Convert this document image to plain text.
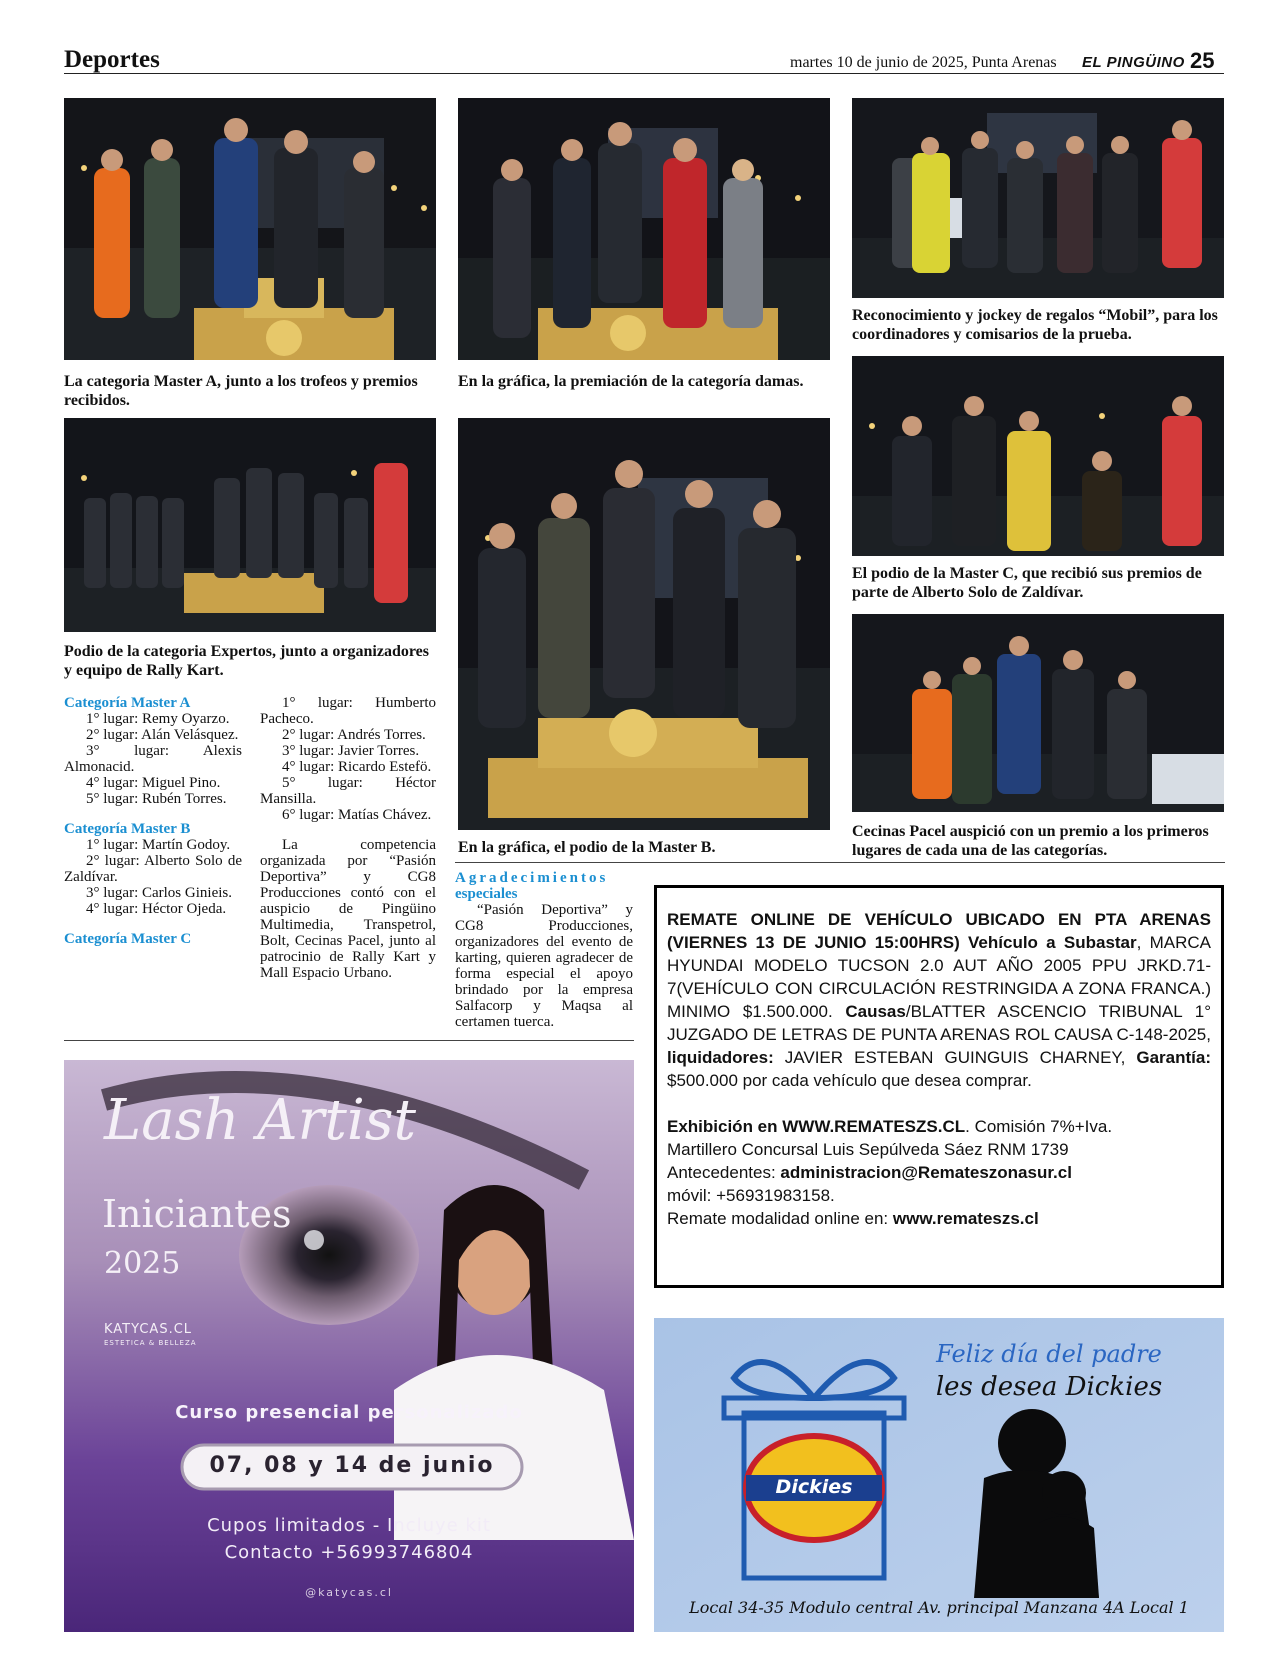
Deportes	martes 10 de junio de 2025, Punta Arenas EL PINGÜINO 25
La categoria Master A, junto a los trofeos y premios recibidos.
En la gráfica, la premiación de la categoría damas.
Reconocimiento y jockey de regalos “Mobil”, para los coordinadores y comisarios de la prueba.
Podio de la categoria Expertos, junto a organizadores y equipo de Rally Kart.
En la gráfica, el podio de la Master B.
El podio de la Master C, que recibió sus premios de parte de Alberto Solo de Zaldívar.
Cecinas Pacel auspició con un premio a los primeros lugares de cada una de las categorías.
Categoría Master A
1° lugar: Remy Oyarzo.
2° lugar: Alán Velásquez.
3° lugar: Alexis Almonacid.
4° lugar: Miguel Pino.
5° lugar: Rubén Torres.
Categoría Master B
1° lugar: Martín Godoy.
2° lugar: Alberto Solo de Zaldívar.
3° lugar: Carlos Ginieis.
4° lugar: Héctor Ojeda.
Categoría Master C
1° lugar: Humberto Pacheco.
2° lugar: Andrés Torres.
3° lugar: Javier Torres.
4° lugar: Ricardo Estefö.
5° lugar: Héctor Mansilla.
6° lugar: Matías Chávez.
La competencia organizada por “Pasión Deportiva” y CG8 Producciones contó con el auspicio de Pingüino Multimedia, Transpetrol, Bolt, Cecinas Pacel, junto al patrocinio de Rally Kart y Mall Espacio Urbano.
Agradecimientos
especiales
“Pasión Deportiva” y CG8 Producciones, organizadores del evento de karting, quieren agradecer de forma especial el apoyo brindado por la empresa Salfacorp y Maqsa al certamen tuerca.
REMATE ONLINE DE VEHÍCULO UBICADO EN PTA ARENAS (VIERNES 13 DE JUNIO 15:00HRS) Vehículo a Subastar, MARCA HYUNDAI MODELO TUCSON 2.0 AUT AÑO 2005 PPU JRKD.71-7(VEHÍCULO CON CIRCULACIÓN RESTRINGIDA A ZONA FRANCA.) MINIMO $1.500.000. Causas/BLATTER ASCENCIO TRIBUNAL 1° JUZGADO DE LETRAS DE PUNTA ARENAS ROL CAUSA C-148-2025, liquidadores: JAVIER ESTEBAN GUINGUIS CHARNEY, Garantía: $500.000 por cada vehículo que desea comprar.
Exhibición en WWW.REMATESZS.CL. Comisión 7%+Iva.
Martillero Concursal Luis Sepúlveda Sáez RNM 1739
Antecedentes: administracion@Remateszonasur.cl
móvil: +56931983158.
Remate modalidad online en: www.remateszs.cl
Lash Artist
Iniciantes
2025
KATYCAS.CL
ESTETICA & BELLEZA
Curso presencial personalizado
07, 08 y 14 de junio
Cupos limitados - Incluye kit
Contacto +56993746804
@katycas.cl
Feliz día del padre
les desea Dickies
Dickies
Local 34-35 Modulo central Av. principal Manzana 4A Local 1
